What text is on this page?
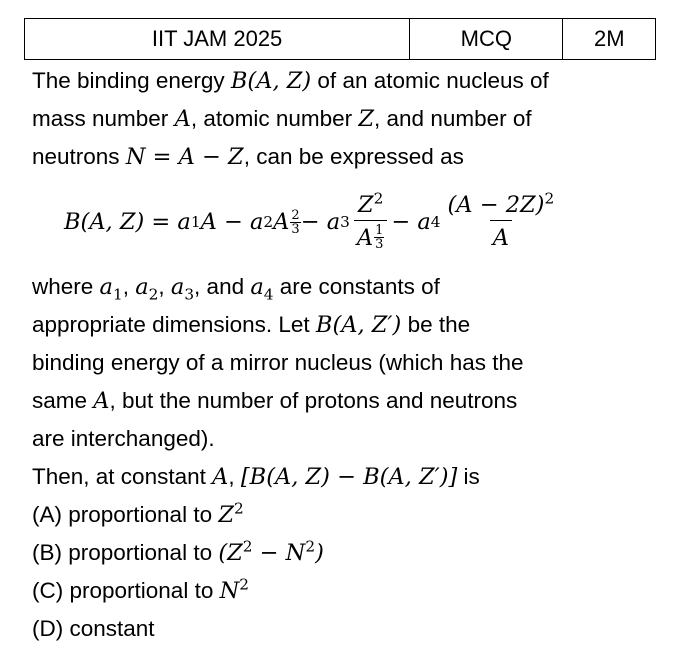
IIT JAM 2025	MCQ	2M
The binding energy B(A, Z) of an atomic nucleus of
mass number A, atomic number Z, and number of
neutrons N = A − Z, can be expressed as
B(A, Z) = a 1 A − a 2 A 2
3 − a $3 \frac{Z^2}{A \frac{1}{3}} - a$ $4 \frac{(A - 2Z)^2}{A}$
where $a_1$, $a_2$, $a_3$, and $a_4$ are constants of
appropriate dimensions. Let B(A, Z′) be the
binding energy of a mirror nucleus (which has the
same A, but the number of protons and neutrons
are interchanged).
Then, at constant A, [B(A, Z) − B(A, Z′)] is
(A) proportional to $Z^2$
(B) proportional to $(Z^2 - N^2)$
(C) proportional to $N^2$
(D) constant
